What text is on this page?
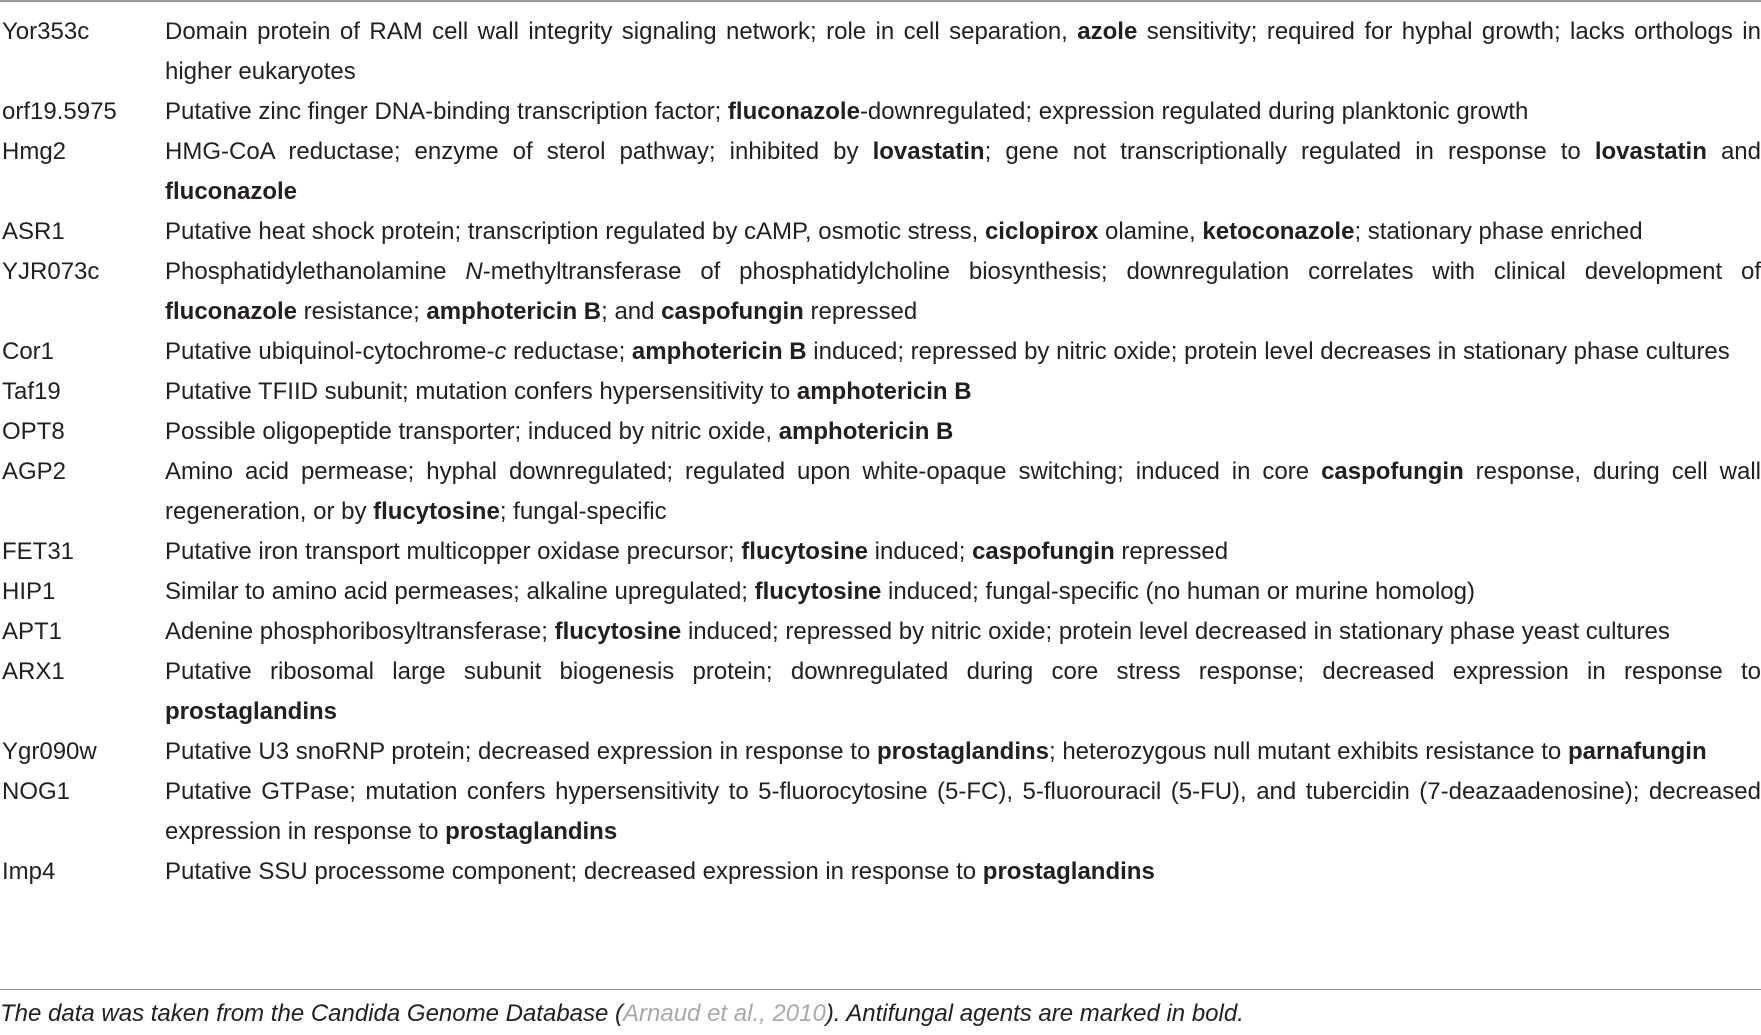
Yor353c	Domain protein of RAM cell wall integrity signaling network; role in cell separation, azole sensitivity; required for hyphal growth; lacks orthologs in higher eukaryotes
orf19.5975	Putative zinc finger DNA-binding transcription factor; fluconazole-downregulated; expression regulated during planktonic growth
Hmg2	HMG-CoA reductase; enzyme of sterol pathway; inhibited by lovastatin; gene not transcriptionally regulated in response to lovastatin and fluconazole
ASR1	Putative heat shock protein; transcription regulated by cAMP, osmotic stress, ciclopirox olamine, ketoconazole; stationary phase enriched
YJR073c	Phosphatidylethanolamine N-methyltransferase of phosphatidylcholine biosynthesis; downregulation correlates with clinical development of fluconazole resistance; amphotericin B; and caspofungin repressed
Cor1	Putative ubiquinol-cytochrome-c reductase; amphotericin B induced; repressed by nitric oxide; protein level decreases in stationary phase cultures
Taf19	Putative TFIID subunit; mutation confers hypersensitivity to amphotericin B
OPT8	Possible oligopeptide transporter; induced by nitric oxide, amphotericin B
AGP2	Amino acid permease; hyphal downregulated; regulated upon white-opaque switching; induced in core caspofungin response, during cell wall regeneration, or by flucytosine; fungal-specific
FET31	Putative iron transport multicopper oxidase precursor; flucytosine induced; caspofungin repressed
HIP1	Similar to amino acid permeases; alkaline upregulated; flucytosine induced; fungal-specific (no human or murine homolog)
APT1	Adenine phosphoribosyltransferase; flucytosine induced; repressed by nitric oxide; protein level decreased in stationary phase yeast cultures
ARX1	Putative ribosomal large subunit biogenesis protein; downregulated during core stress response; decreased expression in response to prostaglandins
Ygr090w	Putative U3 snoRNP protein; decreased expression in response to prostaglandins; heterozygous null mutant exhibits resistance to parnafungin
NOG1	Putative GTPase; mutation confers hypersensitivity to 5-fluorocytosine (5-FC), 5-fluorouracil (5-FU), and tubercidin (7-deazaadenosine); decreased expression in response to prostaglandins
Imp4	Putative SSU processome component; decreased expression in response to prostaglandins
The data was taken from the Candida Genome Database (Arnaud et al., 2010). Antifungal agents are marked in bold.
